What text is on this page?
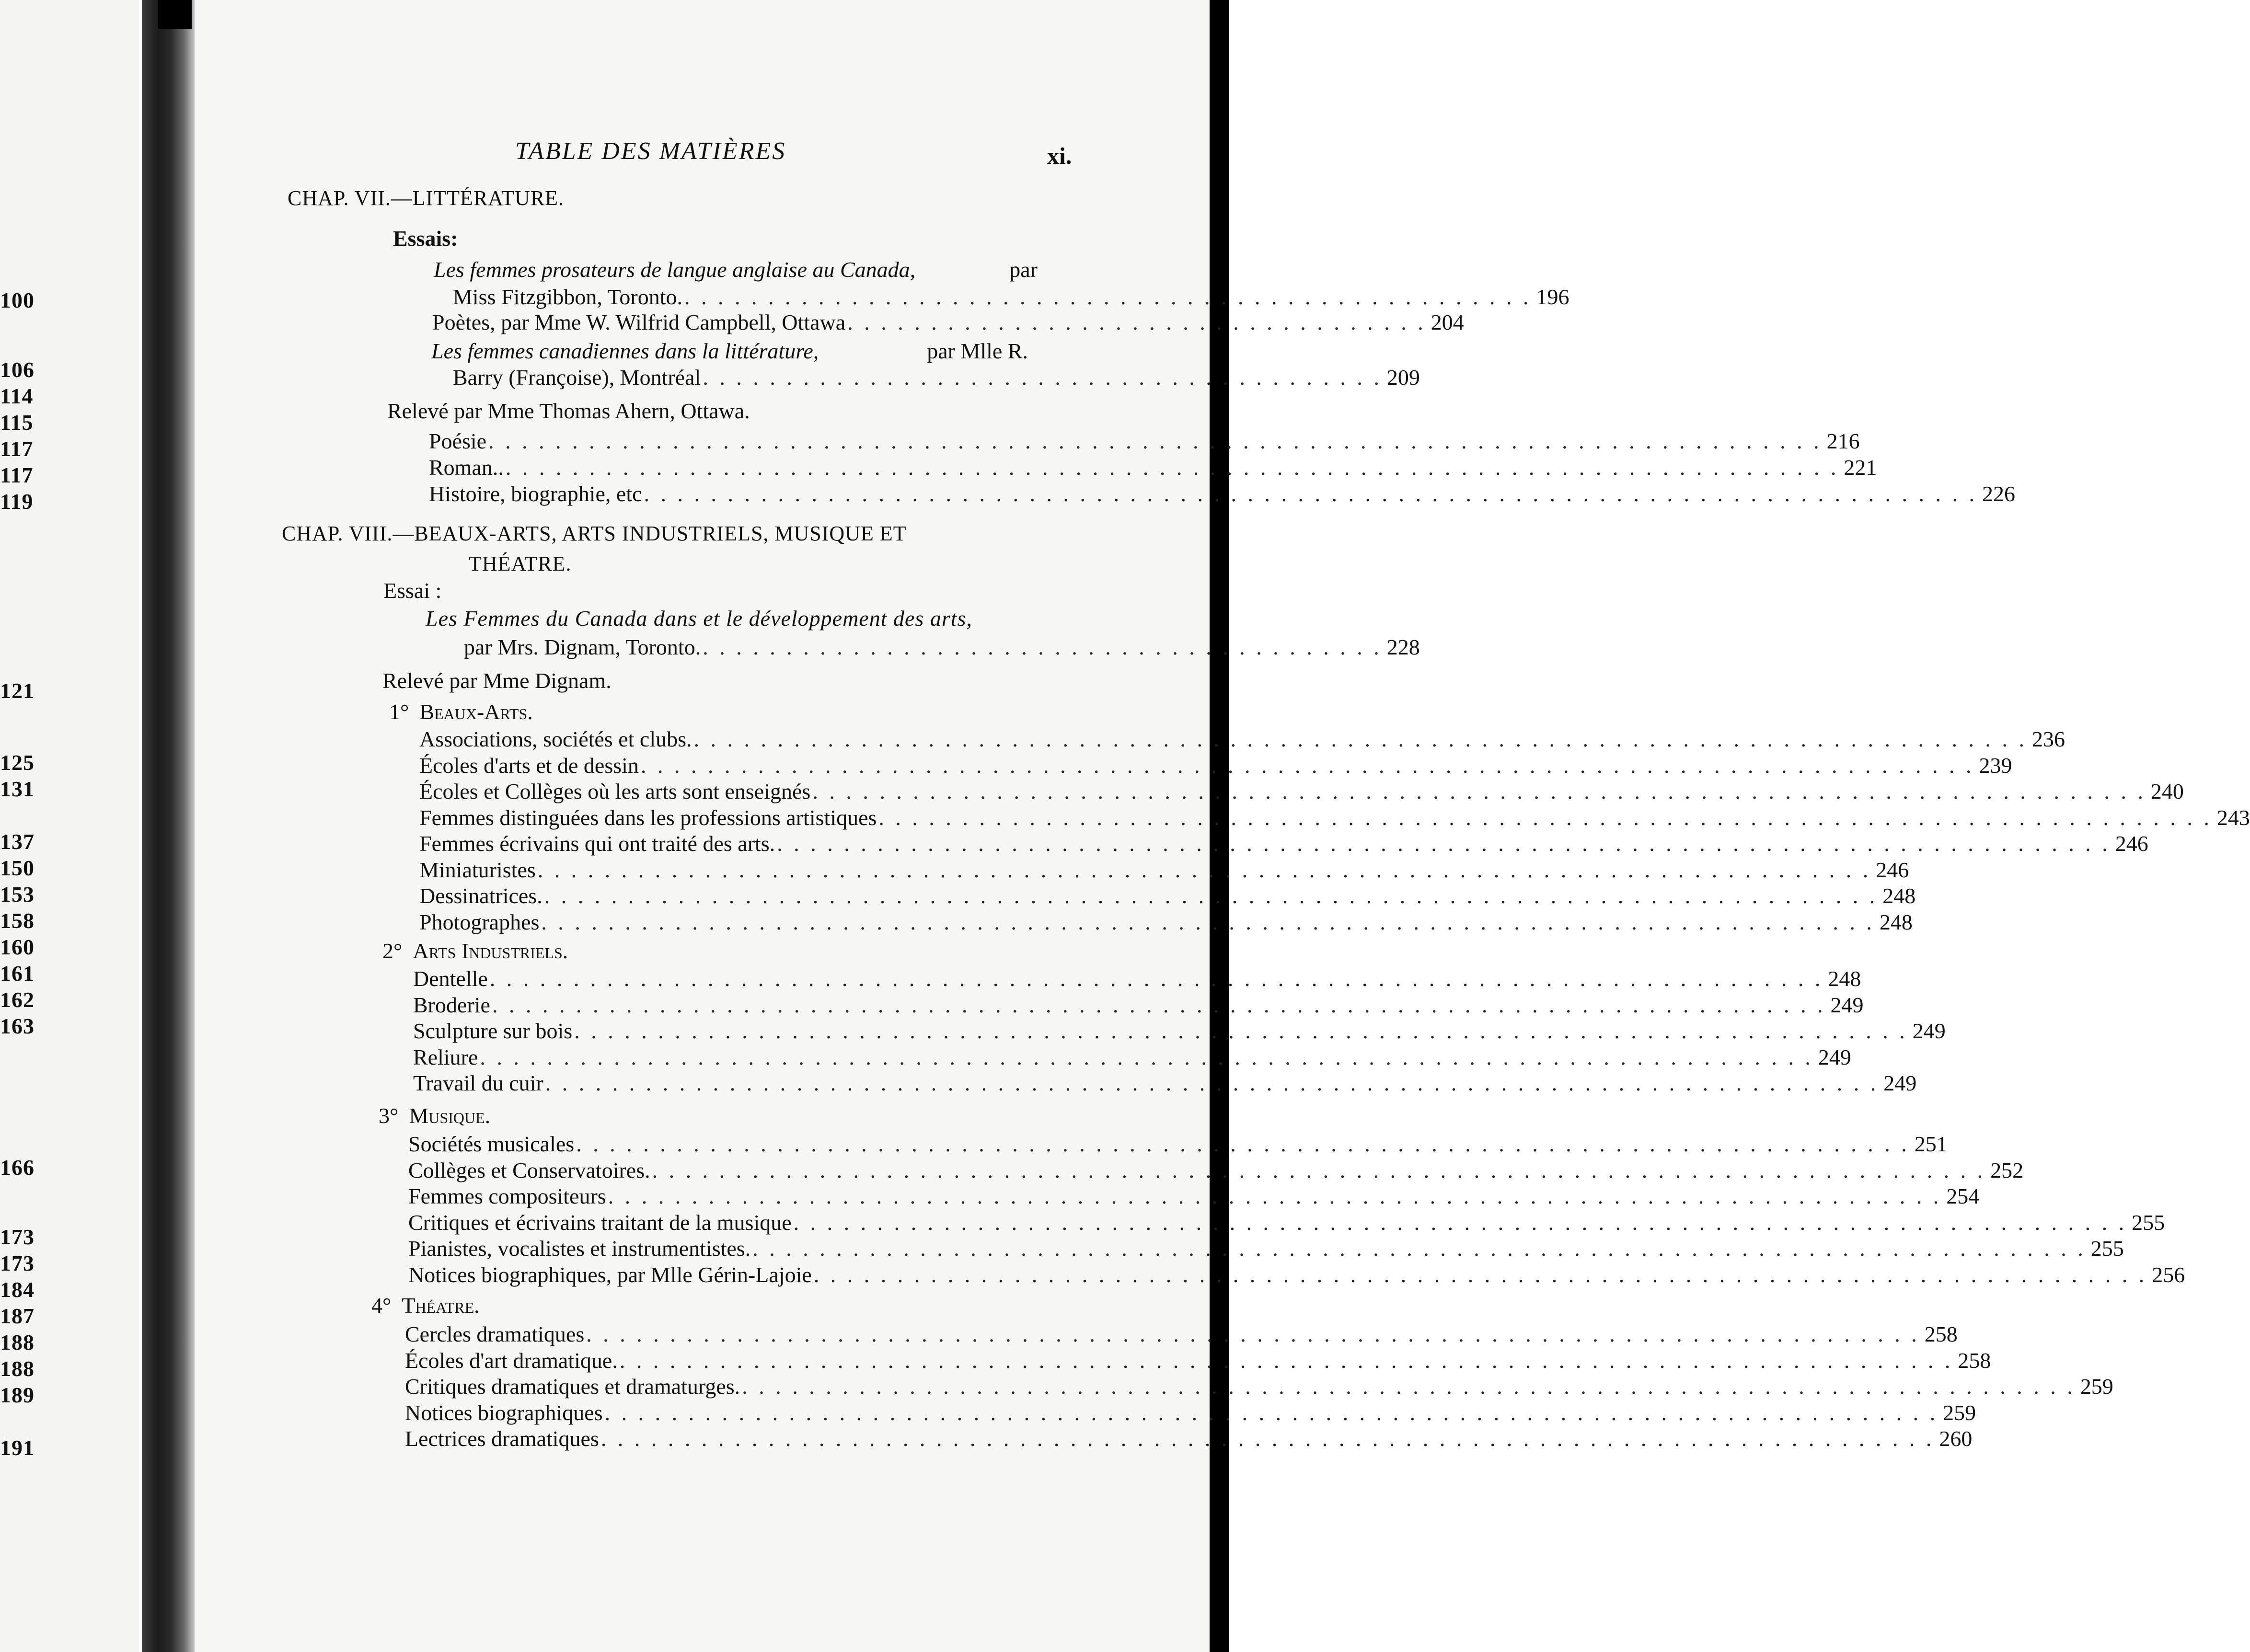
100
106
114
115
117
117
119
121
125
131
137
150
153
158
160
161
162
163
166
173
173
184
187
188
188
189
191
TABLE DES MATIÈRES	xi.
CHAP. VII.—LITTÉRATURE.
Essais:
Les femmes prosateurs de langue anglaise au Canada,	par
Miss Fitzgibbon, Toronto. . . . . . . . . . . . . . . . . . . . . . . . . . . . . . . . . . . . . . . . . . . . . . . . . . . . 196
Poètes, par Mme W. Wilfrid Campbell, Ottawa . . . . . . . . . . . . . . . . . . . . . . . . . . . . . . . . . . . 204
Les femmes canadiennes dans la littérature,	par Mlle R.
Barry (Françoise), Montréal . . . . . . . . . . . . . . . . . . . . . . . . . . . . . . . . . . . . . . . . . 209
Relevé par Mme Thomas Ahern, Ottawa.
Poésie . . . . . . . . . . . . . . . . . . . . . . . . . . . . . . . . . . . . . . . . . . . . . . . . . . . . . . . . . . . . . . . . . . . . . . . . . . . . . . . . 216
Roman.. . . . . . . . . . . . . . . . . . . . . . . . . . . . . . . . . . . . . . . . . . . . . . . . . . . . . . . . . . . . . . . . . . . . . . . . . . . . . . . . . 221
Histoire, biographie, etc . . . . . . . . . . . . . . . . . . . . . . . . . . . . . . . . . . . . . . . . . . . . . . . . . . . . . . . . . . . . . . . . . . . . . . . . . . . . . . . . 226
CHAP. VIII.—BEAUX-ARTS, ARTS INDUSTRIELS, MUSIQUE ET
THÉATRE.
Essai :
Les Femmes du Canada dans et le développement des arts,
par Mrs. Dignam, Toronto. . . . . . . . . . . . . . . . . . . . . . . . . . . . . . . . . . . . . . . . . . 228
Relevé par Mme Dignam.
1° Beaux-Arts.
Associations, sociétés et clubs. . . . . . . . . . . . . . . . . . . . . . . . . . . . . . . . . . . . . . . . . . . . . . . . . . . . . . . . . . . . . . . . . . . . . . . . . . . . . . . . . 236
Écoles d'arts et de dessin . . . . . . . . . . . . . . . . . . . . . . . . . . . . . . . . . . . . . . . . . . . . . . . . . . . . . . . . . . . . . . . . . . . . . . . . . . . . . . . . 239
Écoles et Collèges où les arts sont enseignés . . . . . . . . . . . . . . . . . . . . . . . . . . . . . . . . . . . . . . . . . . . . . . . . . . . . . . . . . . . . . . . . . . . . . . . . . . . . . . . . 240
Femmes distinguées dans les professions artistiques . . . . . . . . . . . . . . . . . . . . . . . . . . . . . . . . . . . . . . . . . . . . . . . . . . . . . . . . . . . . . . . . . . . . . . . . . . . . . . . . 243
Femmes écrivains qui ont traité des arts. . . . . . . . . . . . . . . . . . . . . . . . . . . . . . . . . . . . . . . . . . . . . . . . . . . . . . . . . . . . . . . . . . . . . . . . . . . . . . . . . 246
Miniaturistes . . . . . . . . . . . . . . . . . . . . . . . . . . . . . . . . . . . . . . . . . . . . . . . . . . . . . . . . . . . . . . . . . . . . . . . . . . . . . . . . 246
Dessinatrices. . . . . . . . . . . . . . . . . . . . . . . . . . . . . . . . . . . . . . . . . . . . . . . . . . . . . . . . . . . . . . . . . . . . . . . . . . . . . . . . . 248
Photographes . . . . . . . . . . . . . . . . . . . . . . . . . . . . . . . . . . . . . . . . . . . . . . . . . . . . . . . . . . . . . . . . . . . . . . . . . . . . . . . . 248
2° Arts Industriels.
Dentelle . . . . . . . . . . . . . . . . . . . . . . . . . . . . . . . . . . . . . . . . . . . . . . . . . . . . . . . . . . . . . . . . . . . . . . . . . . . . . . . . 248
Broderie . . . . . . . . . . . . . . . . . . . . . . . . . . . . . . . . . . . . . . . . . . . . . . . . . . . . . . . . . . . . . . . . . . . . . . . . . . . . . . . . 249
Sculpture sur bois . . . . . . . . . . . . . . . . . . . . . . . . . . . . . . . . . . . . . . . . . . . . . . . . . . . . . . . . . . . . . . . . . . . . . . . . . . . . . . . . 249
Reliure . . . . . . . . . . . . . . . . . . . . . . . . . . . . . . . . . . . . . . . . . . . . . . . . . . . . . . . . . . . . . . . . . . . . . . . . . . . . . . . . 249
Travail du cuir . . . . . . . . . . . . . . . . . . . . . . . . . . . . . . . . . . . . . . . . . . . . . . . . . . . . . . . . . . . . . . . . . . . . . . . . . . . . . . . . 249
3° Musique.
Sociétés musicales . . . . . . . . . . . . . . . . . . . . . . . . . . . . . . . . . . . . . . . . . . . . . . . . . . . . . . . . . . . . . . . . . . . . . . . . . . . . . . . . 251
Collèges et Conservatoires. . . . . . . . . . . . . . . . . . . . . . . . . . . . . . . . . . . . . . . . . . . . . . . . . . . . . . . . . . . . . . . . . . . . . . . . . . . . . . . . . 252
Femmes compositeurs . . . . . . . . . . . . . . . . . . . . . . . . . . . . . . . . . . . . . . . . . . . . . . . . . . . . . . . . . . . . . . . . . . . . . . . . . . . . . . . . 254
Critiques et écrivains traitant de la musique . . . . . . . . . . . . . . . . . . . . . . . . . . . . . . . . . . . . . . . . . . . . . . . . . . . . . . . . . . . . . . . . . . . . . . . . . . . . . . . . 255
Pianistes, vocalistes et instrumentistes. . . . . . . . . . . . . . . . . . . . . . . . . . . . . . . . . . . . . . . . . . . . . . . . . . . . . . . . . . . . . . . . . . . . . . . . . . . . . . . . . 255
Notices biographiques, par Mlle Gérin-Lajoie . . . . . . . . . . . . . . . . . . . . . . . . . . . . . . . . . . . . . . . . . . . . . . . . . . . . . . . . . . . . . . . . . . . . . . . . . . . . . . . . 256
4° Théatre.
Cercles dramatiques . . . . . . . . . . . . . . . . . . . . . . . . . . . . . . . . . . . . . . . . . . . . . . . . . . . . . . . . . . . . . . . . . . . . . . . . . . . . . . . . 258
Écoles d'art dramatique. . . . . . . . . . . . . . . . . . . . . . . . . . . . . . . . . . . . . . . . . . . . . . . . . . . . . . . . . . . . . . . . . . . . . . . . . . . . . . . . . 258
Critiques dramatiques et dramaturges. . . . . . . . . . . . . . . . . . . . . . . . . . . . . . . . . . . . . . . . . . . . . . . . . . . . . . . . . . . . . . . . . . . . . . . . . . . . . . . . . 259
Notices biographiques . . . . . . . . . . . . . . . . . . . . . . . . . . . . . . . . . . . . . . . . . . . . . . . . . . . . . . . . . . . . . . . . . . . . . . . . . . . . . . . . 259
Lectrices dramatiques . . . . . . . . . . . . . . . . . . . . . . . . . . . . . . . . . . . . . . . . . . . . . . . . . . . . . . . . . . . . . . . . . . . . . . . . . . . . . . . . 260
